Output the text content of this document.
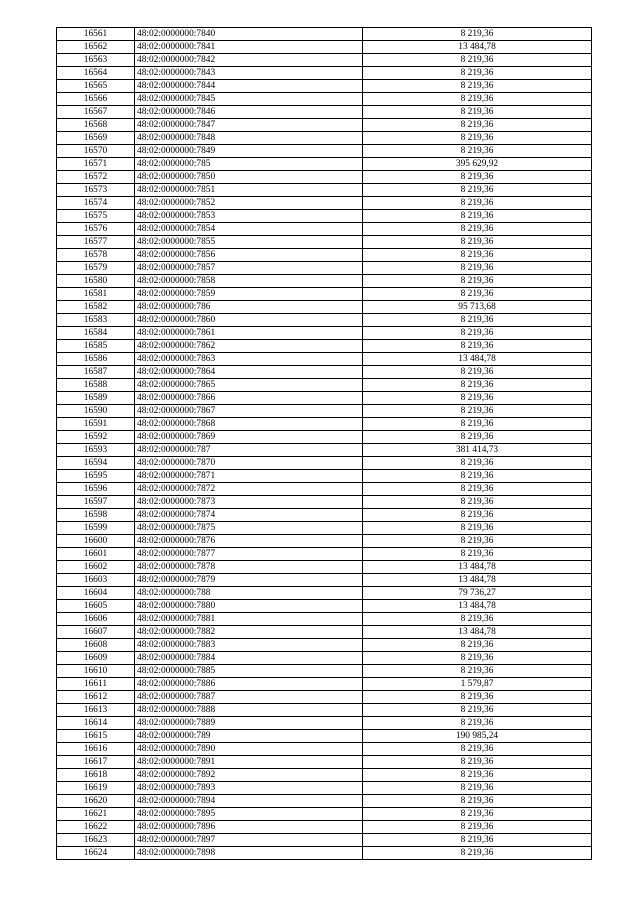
16561	48:02:0000000:7840	8 219,36
16562	48:02:0000000:7841	13 484,78
16563	48:02:0000000:7842	8 219,36
16564	48:02:0000000:7843	8 219,36
16565	48:02:0000000:7844	8 219,36
16566	48:02:0000000:7845	8 219,36
16567	48:02:0000000:7846	8 219,36
16568	48:02:0000000:7847	8 219,36
16569	48:02:0000000:7848	8 219,36
16570	48:02:0000000:7849	8 219,36
16571	48:02:0000000:785	395 629,92
16572	48:02:0000000:7850	8 219,36
16573	48:02:0000000:7851	8 219,36
16574	48:02:0000000:7852	8 219,36
16575	48:02:0000000:7853	8 219,36
16576	48:02:0000000:7854	8 219,36
16577	48:02:0000000:7855	8 219,36
16578	48:02:0000000:7856	8 219,36
16579	48:02:0000000:7857	8 219,36
16580	48:02:0000000:7858	8 219,36
16581	48:02:0000000:7859	8 219,36
16582	48:02:0000000:786	95 713,68
16583	48:02:0000000:7860	8 219,36
16584	48:02:0000000:7861	8 219,36
16585	48:02:0000000:7862	8 219,36
16586	48:02:0000000:7863	13 484,78
16587	48:02:0000000:7864	8 219,36
16588	48:02:0000000:7865	8 219,36
16589	48:02:0000000:7866	8 219,36
16590	48:02:0000000:7867	8 219,36
16591	48:02:0000000:7868	8 219,36
16592	48:02:0000000:7869	8 219,36
16593	48:02:0000000:787	381 414,73
16594	48:02:0000000:7870	8 219,36
16595	48:02:0000000:7871	8 219,36
16596	48:02:0000000:7872	8 219,36
16597	48:02:0000000:7873	8 219,36
16598	48:02:0000000:7874	8 219,36
16599	48:02:0000000:7875	8 219,36
16600	48:02:0000000:7876	8 219,36
16601	48:02:0000000:7877	8 219,36
16602	48:02:0000000:7878	13 484,78
16603	48:02:0000000:7879	13 484,78
16604	48:02:0000000:788	79 736,27
16605	48:02:0000000:7880	13 484,78
16606	48:02:0000000:7881	8 219,36
16607	48:02:0000000:7882	13 484,78
16608	48:02:0000000:7883	8 219,36
16609	48:02:0000000:7884	8 219,36
16610	48:02:0000000:7885	8 219,36
16611	48:02:0000000:7886	1 579,87
16612	48:02:0000000:7887	8 219,36
16613	48:02:0000000:7888	8 219,36
16614	48:02:0000000:7889	8 219,36
16615	48:02:0000000:789	190 985,24
16616	48:02:0000000:7890	8 219,36
16617	48:02:0000000:7891	8 219,36
16618	48:02:0000000:7892	8 219,36
16619	48:02:0000000:7893	8 219,36
16620	48:02:0000000:7894	8 219,36
16621	48:02:0000000:7895	8 219,36
16622	48:02:0000000:7896	8 219,36
16623	48:02:0000000:7897	8 219,36
16624	48:02:0000000:7898	8 219,36
